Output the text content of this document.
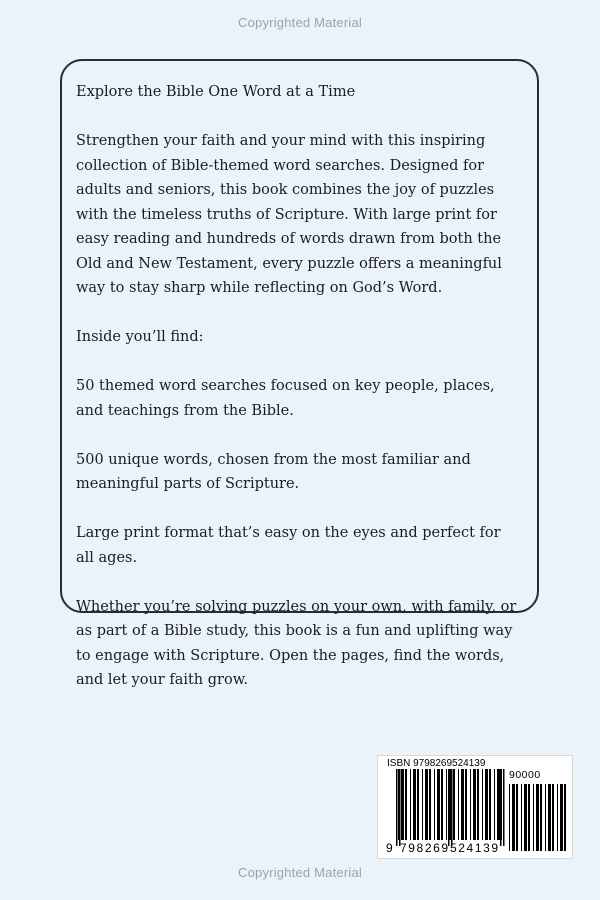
Copyrighted Material

Explore the Bible One Word at a Time

Strengthen your faith and your mind with this inspiring collection of Bible-themed word searches. Designed for adults and seniors, this book combines the joy of puzzles with the timeless truths of Scripture. With large print for easy reading and hundreds of words drawn from both the Old and New Testament, every puzzle offers a meaningful way to stay sharp while reflecting on God’s Word.

Inside you’ll find:

50 themed word searches focused on key people, places, and teachings from the Bible.

500 unique words, chosen from the most familiar and meaningful parts of Scripture.

Large print format that’s easy on the eyes and perfect for all ages.

Whether you’re solving puzzles on your own, with family, or as part of a Bible study, this book is a fun and uplifting way to engage with Scripture. Open the pages, find the words, and let your faith grow.

ISBN 9798269524139
90000
9 798269 524139
Copyrighted Material
